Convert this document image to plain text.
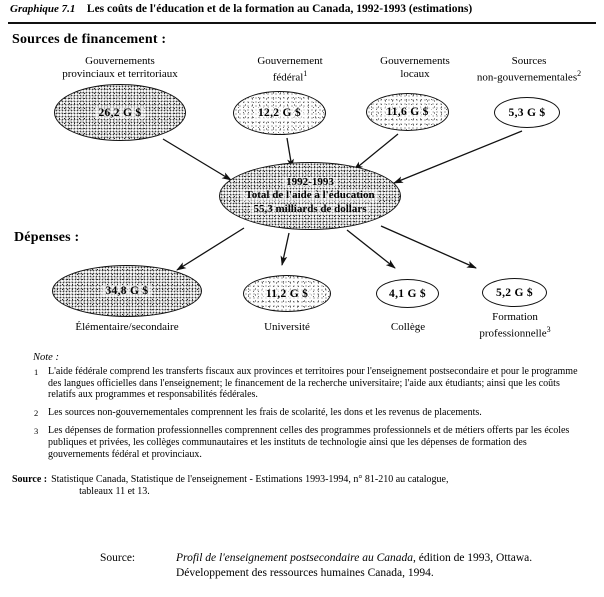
Graphique 7.1 Les coûts de l'éducation et de la formation au Canada, 1992-1993 (estimations)
Sources de financement :
Dépenses :
Gouvernements
provinciaux et territoriaux
Gouvernement
fédéral$^1$
Gouvernements
locaux
Sources
non-gouvernementales$^2$
26,2 G $	12,2 G $	11,6 G $	5,3 G $
1992-1993
Total de l'aide à l'éducation
55,3 milliards de dollars
34,8 G $	11,2 G $	4,1 G $	5,2 G $
Élémentaire/secondaire	Université	Collège
Formation
professionnelle$^3$
Note :
1 L'aide fédérale comprend les transferts fiscaux aux provinces et territoires pour l'enseignement postsecondaire et pour le programme des langues officielles dans l'enseignement; le financement de la recherche universitaire; l'aide aux étudiants; ainsi que les coûts relatifs aux programmes et responsabilités fédérales.
2 Les sources non-gouvernementales comprennent les frais de scolarité, les dons et les revenus de placements.
3 Les dépenses de formation professionnelles comprennent celles des programmes professionnels et de métiers offerts par les écoles publiques et privées, les collèges communautaires et les instituts de technologie ainsi que les dépenses de formation des gouvernements fédéral et provinciaux.
Source : Statistique Canada, Statistique de l'enseignement - Estimations 1993-1994, n° 81-210 au catalogue,
tableaux 11 et 13.
Source:	Profil de l'enseignement postsecondaire au Canada, édition de 1993, Ottawa. Développement des ressources humaines Canada, 1994.
